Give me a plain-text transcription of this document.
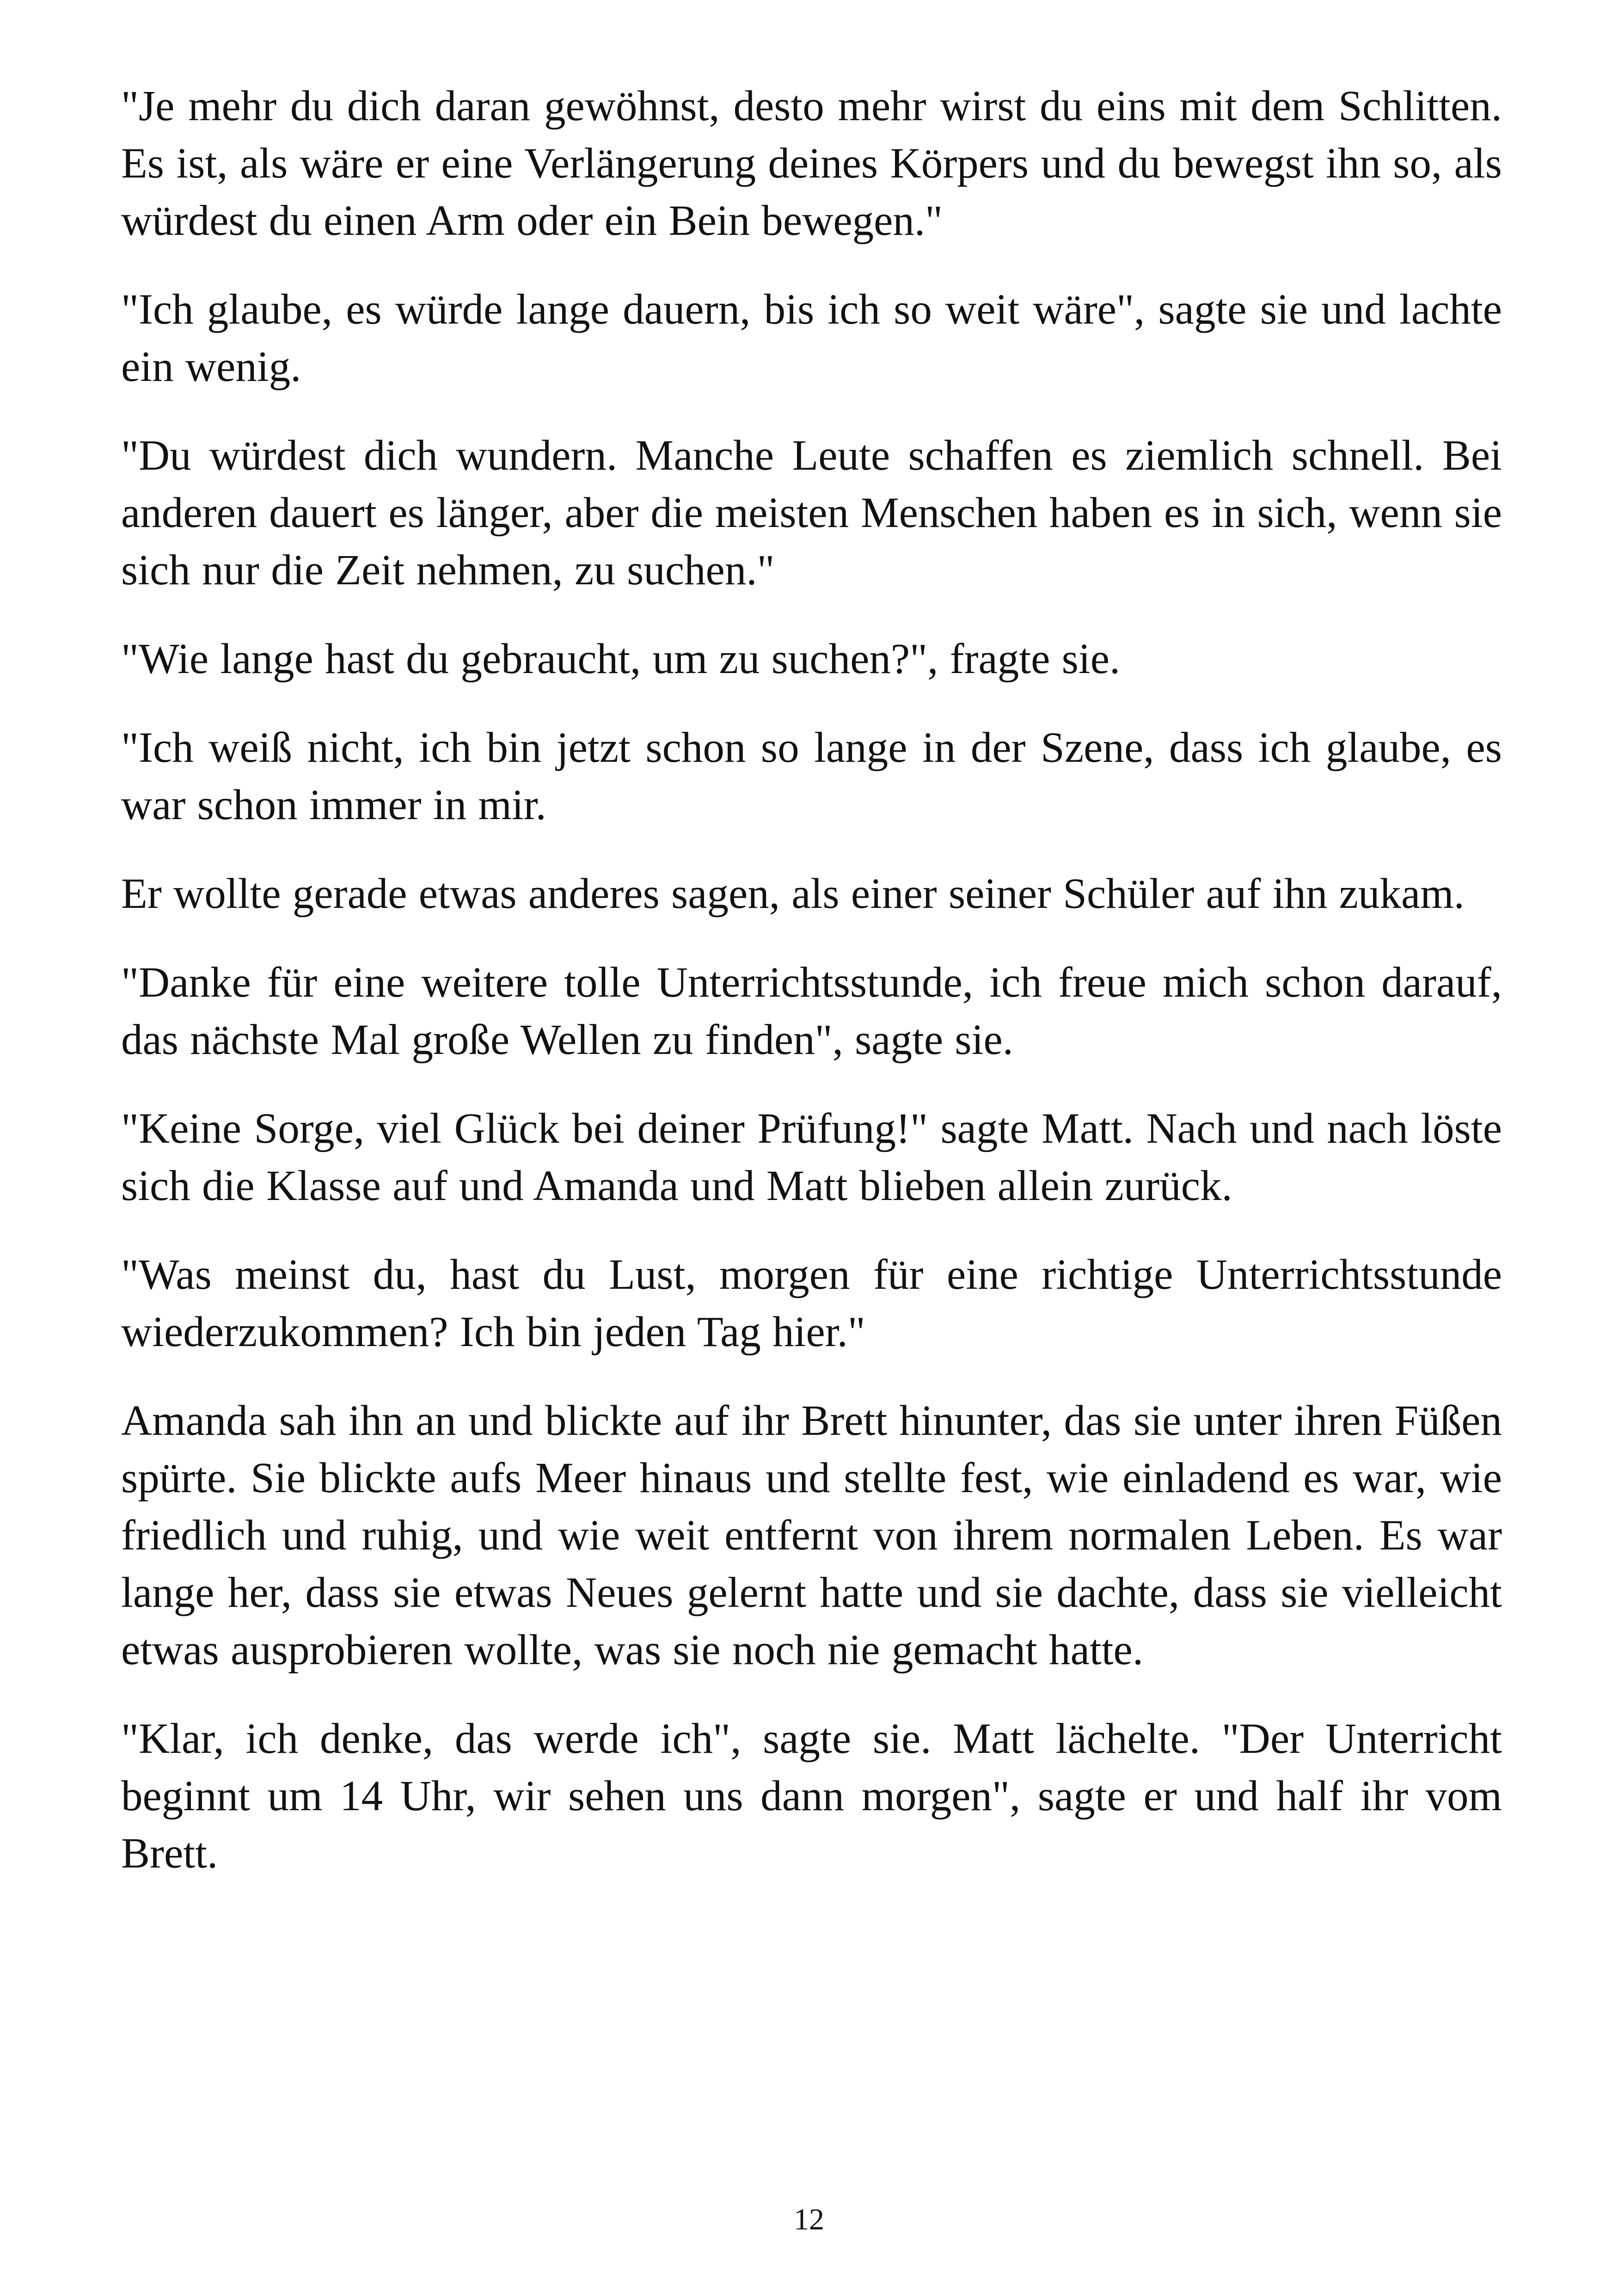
"Je mehr du dich daran gewöhnst, desto mehr wirst du eins mit dem Schlitten. Es ist, als wäre er eine Verlängerung deines Körpers und du bewegst ihn so, als würdest du einen Arm oder ein Bein bewegen."

"Ich glaube, es würde lange dauern, bis ich so weit wäre", sagte sie und lachte ein wenig.

"Du würdest dich wundern. Manche Leute schaffen es ziemlich schnell. Bei anderen dauert es länger, aber die meisten Menschen haben es in sich, wenn sie sich nur die Zeit nehmen, zu suchen."

"Wie lange hast du gebraucht, um zu suchen?", fragte sie.

"Ich weiß nicht, ich bin jetzt schon so lange in der Szene, dass ich glaube, es war schon immer in mir.

Er wollte gerade etwas anderes sagen, als einer seiner Schüler auf ihn zukam.

"Danke für eine weitere tolle Unterrichtsstunde, ich freue mich schon darauf, das nächste Mal große Wellen zu finden", sagte sie.

"Keine Sorge, viel Glück bei deiner Prüfung!" sagte Matt. Nach und nach löste sich die Klasse auf und Amanda und Matt blieben allein zurück.

"Was meinst du, hast du Lust, morgen für eine richtige Unterrichtsstunde wiederzukommen? Ich bin jeden Tag hier."

Amanda sah ihn an und blickte auf ihr Brett hinunter, das sie unter ihren Füßen spürte. Sie blickte aufs Meer hinaus und stellte fest, wie einladend es war, wie friedlich und ruhig, und wie weit entfernt von ihrem normalen Leben. Es war lange her, dass sie etwas Neues gelernt hatte und sie dachte, dass sie vielleicht etwas ausprobieren wollte, was sie noch nie gemacht hatte.

"Klar, ich denke, das werde ich", sagte sie. Matt lächelte. "Der Unterricht beginnt um 14 Uhr, wir sehen uns dann morgen", sagte er und half ihr vom Brett.

12
